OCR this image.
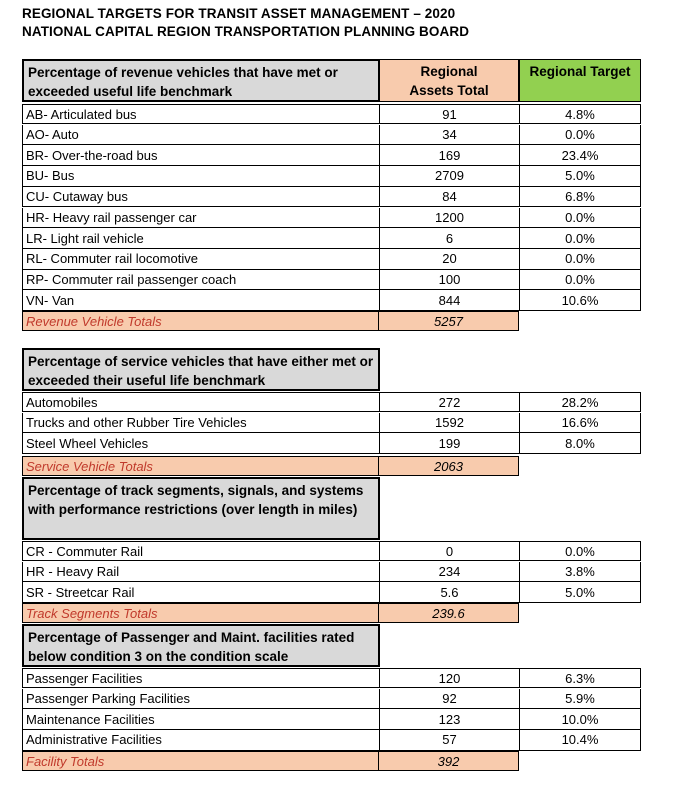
REGIONAL TARGETS FOR TRANSIT ASSET MANAGEMENT – 2020
NATIONAL CAPITAL REGION TRANSPORTATION PLANNING BOARD
Percentage of revenue vehicles that have met or exceeded useful life benchmark
Regional Assets Total
Regional Target
AB- Articulated bus	91	4.8%
AO- Auto	34	0.0%
BR- Over-the-road bus	169	23.4%
BU- Bus	2709	5.0%
CU- Cutaway bus	84	6.8%
HR- Heavy rail passenger car	1200	0.0%
LR- Light rail vehicle	6	0.0%
RL- Commuter rail locomotive	20	0.0%
RP- Commuter rail passenger coach	100	0.0%
VN- Van	844	10.6%
Revenue Vehicle Totals	5257
Percentage of service vehicles that have either met or exceeded their useful life benchmark
Automobiles	272	28.2%
Trucks and other Rubber Tire Vehicles	1592	16.6%
Steel Wheel Vehicles	199	8.0%
Service Vehicle Totals	2063
Percentage of track segments, signals, and systems with performance restrictions (over length in miles)
CR - Commuter Rail	0	0.0%
HR - Heavy Rail	234	3.8%
SR - Streetcar Rail	5.6	5.0%
Track Segments Totals	239.6
Percentage of Passenger and Maint. facilities rated below condition 3 on the condition scale
Passenger Facilities	120	6.3%
Passenger Parking Facilities	92	5.9%
Maintenance Facilities	123	10.0%
Administrative Facilities	57	10.4%
Facility Totals	392
